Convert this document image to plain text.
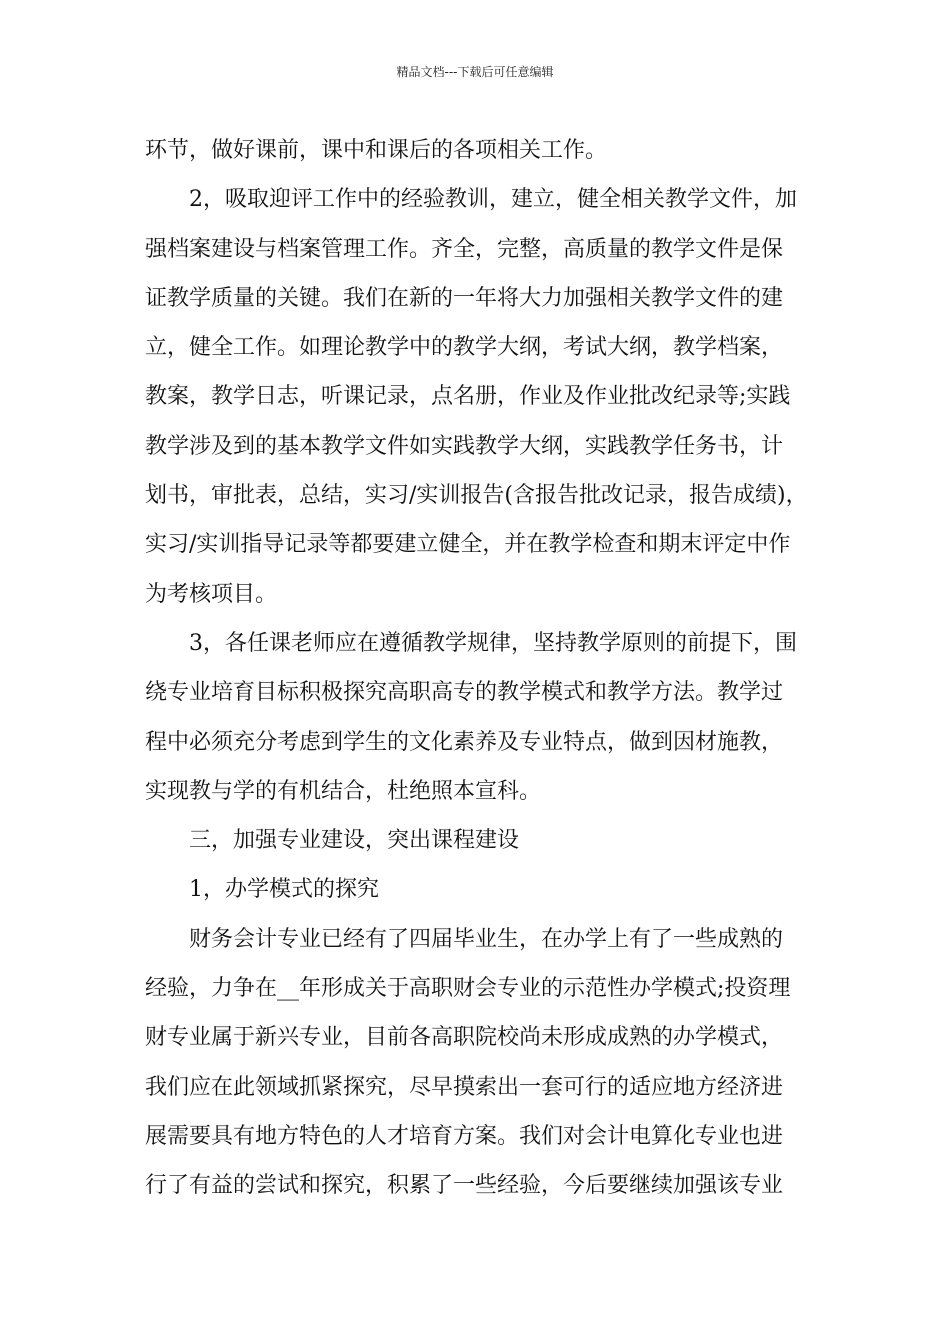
精品文档---下载后可任意编辑
环节，做好课前，课中和课后的各项相关工作。
2，吸取迎评工作中的经验教训，建立，健全相关教学文件，加
强档案建设与档案管理工作。齐全，完整，高质量的教学文件是保
证教学质量的关键。我们在新的一年将大力加强相关教学文件的建
立，健全工作。如理论教学中的教学大纲，考试大纲，教学档案，
教案，教学日志，听课记录，点名册，作业及作业批改纪录等;实践
教学涉及到的基本教学文件如实践教学大纲，实践教学任务书，计
划书，审批表，总结，实习/实训报告(含报告批改记录，报告成绩)，
实习/实训指导记录等都要建立健全，并在教学检查和期末评定中作
为考核项目。
3，各任课老师应在遵循教学规律，坚持教学原则的前提下，围
绕专业培育目标积极探究高职高专的教学模式和教学方法。教学过
程中必须充分考虑到学生的文化素养及专业特点，做到因材施教，
实现教与学的有机结合，杜绝照本宣科。
三，加强专业建设，突出课程建设
1，办学模式的探究
财务会计专业已经有了四届毕业生，在办学上有了一些成熟的
经验，力争在__年形成关于高职财会专业的示范性办学模式;投资理
财专业属于新兴专业，目前各高职院校尚未形成成熟的办学模式，
我们应在此领域抓紧探究，尽早摸索出一套可行的适应地方经济进
展需要具有地方特色的人才培育方案。我们对会计电算化专业也进
行了有益的尝试和探究，积累了一些经验，今后要继续加强该专业
